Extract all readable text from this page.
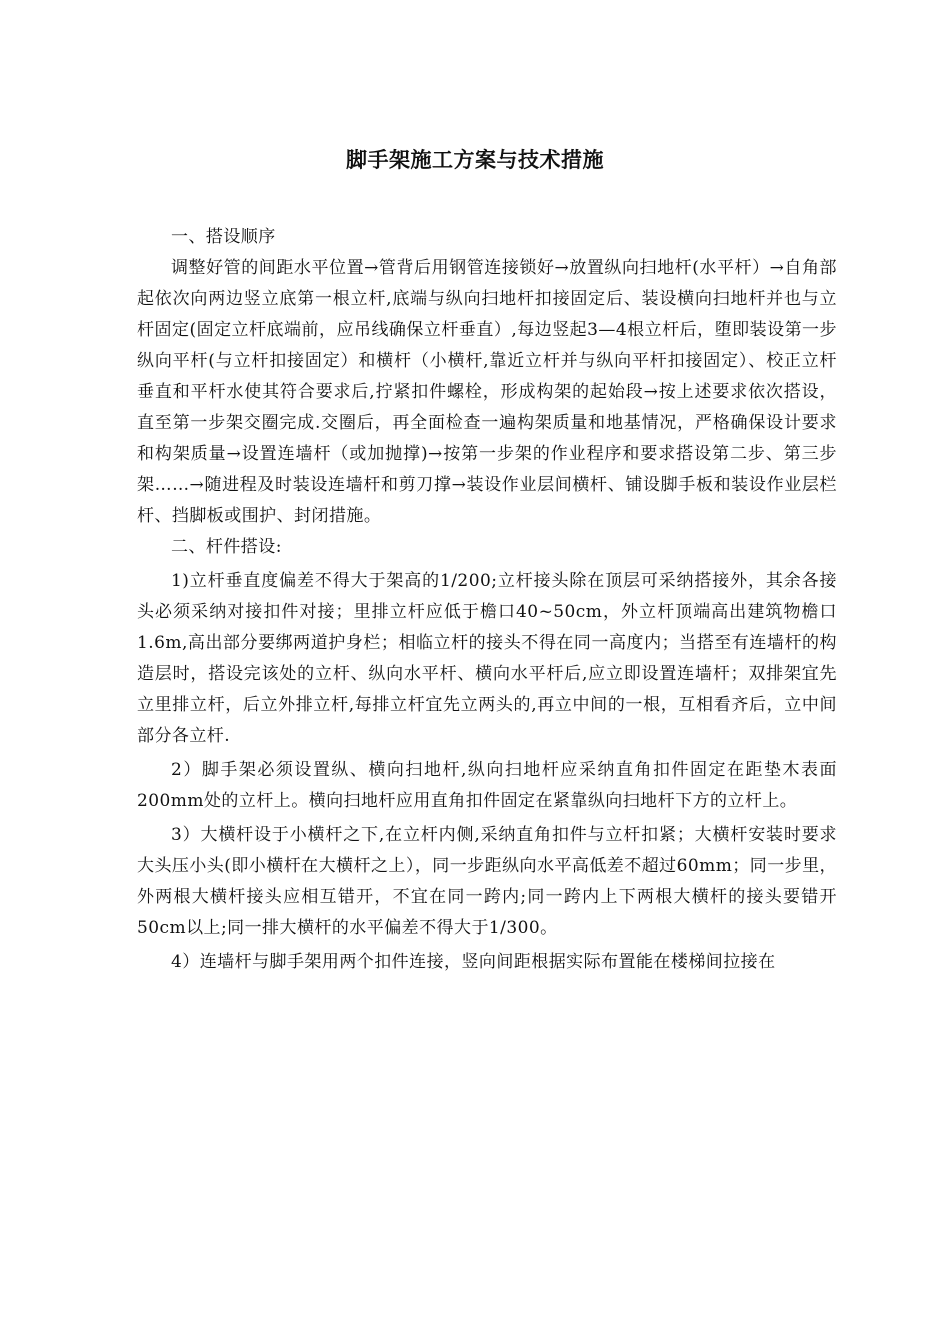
脚手架施工方案与技术措施

一、搭设顺序

调整好管的间距水平位置→管背后用钢管连接锁好→放置纵向扫地杆(水平杆）→自角部起依次向两边竖立底第一根立杆,底端与纵向扫地杆扣接固定后、装设横向扫地杆并也与立杆固定(固定立杆底端前，应吊线确保立杆垂直）,每边竖起3—4根立杆后，堕即装设第一步纵向平杆(与立杆扣接固定）和横杆（小横杆,靠近立杆并与纵向平杆扣接固定）、校正立杆垂直和平杆水使其符合要求后,拧紧扣件螺栓，形成构架的起始段→按上述要求依次搭设，直至第一步架交圈完成.交圈后，再全面检查一遍构架质量和地基情况，严格确保设计要求和构架质量→设置连墙杆（或加抛撑)→按第一步架的作业程序和要求搭设第二步、第三步架……→随进程及时装设连墙杆和剪刀撑→装设作业层间横杆、铺设脚手板和装设作业层栏杆、挡脚板或围护、封闭措施。

二、杆件搭设:

1)立杆垂直度偏差不得大于架高的1/200;立杆接头除在顶层可采纳搭接外，其余各接头必须采纳对接扣件对接；里排立杆应低于檐口40~50cm，外立杆顶端高出建筑物檐口1.6m,高出部分要绑两道护身栏；相临立杆的接头不得在同一高度内；当搭至有连墙杆的构造层时，搭设完该处的立杆、纵向水平杆、横向水平杆后,应立即设置连墙杆；双排架宜先立里排立杆，后立外排立杆,每排立杆宜先立两头的,再立中间的一根，互相看齐后，立中间部分各立杆.

2）脚手架必须设置纵、横向扫地杆,纵向扫地杆应采纳直角扣件固定在距垫木表面200mm处的立杆上。横向扫地杆应用直角扣件固定在紧靠纵向扫地杆下方的立杆上。

3）大横杆设于小横杆之下,在立杆内侧,采纳直角扣件与立杆扣紧；大横杆安装时要求大头压小头(即小横杆在大横杆之上），同一步距纵向水平高低差不超过60mm；同一步里，外两根大横杆接头应相互错开，不宜在同一跨内;同一跨内上下两根大横杆的接头要错开50cm以上;同一排大横杆的水平偏差不得大于1/300。

4）连墙杆与脚手架用两个扣件连接，竖向间距根据实际布置能在楼梯间拉接在
